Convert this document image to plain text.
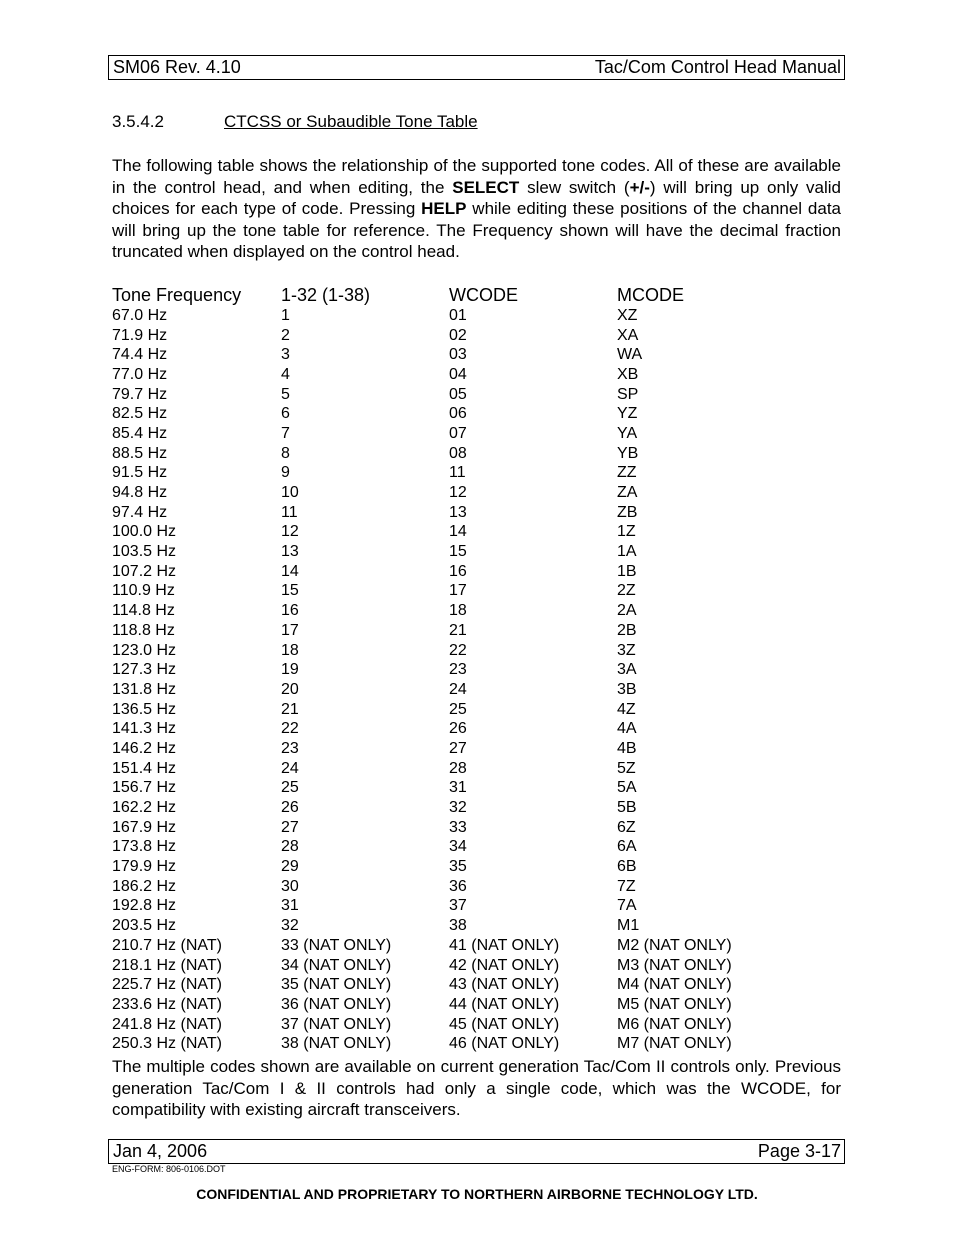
SM06 Rev. 4.10	Tac/Com Control Head Manual
3.5.4.2	CTCSS or Subaudible Tone Table

The following table shows the relationship of the supported tone codes. All of these are available in the control head, and when editing, the SELECT slew switch (+/-) will bring up only valid choices for each type of code. Pressing HELP while editing these positions of the channel data will bring up the tone table for reference. The Frequency shown will have the decimal fraction truncated when displayed on the control head.

Tone Frequency	1-32 (1-38)	WCODE	MCODE
67.0 Hz	1	01	XZ
71.9 Hz	2	02	XA
74.4 Hz	3	03	WA
77.0 Hz	4	04	XB
79.7 Hz	5	05	SP
82.5 Hz	6	06	YZ
85.4 Hz	7	07	YA
88.5 Hz	8	08	YB
91.5 Hz	9	11	ZZ
94.8 Hz	10	12	ZA
97.4 Hz	11	13	ZB
100.0 Hz	12	14	1Z
103.5 Hz	13	15	1A
107.2 Hz	14	16	1B
110.9 Hz	15	17	2Z
114.8 Hz	16	18	2A
118.8 Hz	17	21	2B
123.0 Hz	18	22	3Z
127.3 Hz	19	23	3A
131.8 Hz	20	24	3B
136.5 Hz	21	25	4Z
141.3 Hz	22	26	4A
146.2 Hz	23	27	4B
151.4 Hz	24	28	5Z
156.7 Hz	25	31	5A
162.2 Hz	26	32	5B
167.9 Hz	27	33	6Z
173.8 Hz	28	34	6A
179.9 Hz	29	35	6B
186.2 Hz	30	36	7Z
192.8 Hz	31	37	7A
203.5 Hz	32	38	M1
210.7 Hz (NAT)	33 (NAT ONLY)	41 (NAT ONLY)	M2 (NAT ONLY)
218.1 Hz (NAT)	34 (NAT ONLY)	42 (NAT ONLY)	M3 (NAT ONLY)
225.7 Hz (NAT)	35 (NAT ONLY)	43 (NAT ONLY)	M4 (NAT ONLY)
233.6 Hz (NAT)	36 (NAT ONLY)	44 (NAT ONLY)	M5 (NAT ONLY)
241.8 Hz (NAT)	37 (NAT ONLY)	45 (NAT ONLY)	M6 (NAT ONLY)
250.3 Hz (NAT)	38 (NAT ONLY)	46 (NAT ONLY)	M7 (NAT ONLY)

The multiple codes shown are available on current generation Tac/Com II controls only. Previous generation Tac/Com I & II controls had only a single code, which was the WCODE, for compatibility with existing aircraft transceivers.

Jan 4, 2006	Page 3-17
ENG-FORM: 806-0106.DOT
CONFIDENTIAL AND PROPRIETARY TO NORTHERN AIRBORNE TECHNOLOGY LTD.
